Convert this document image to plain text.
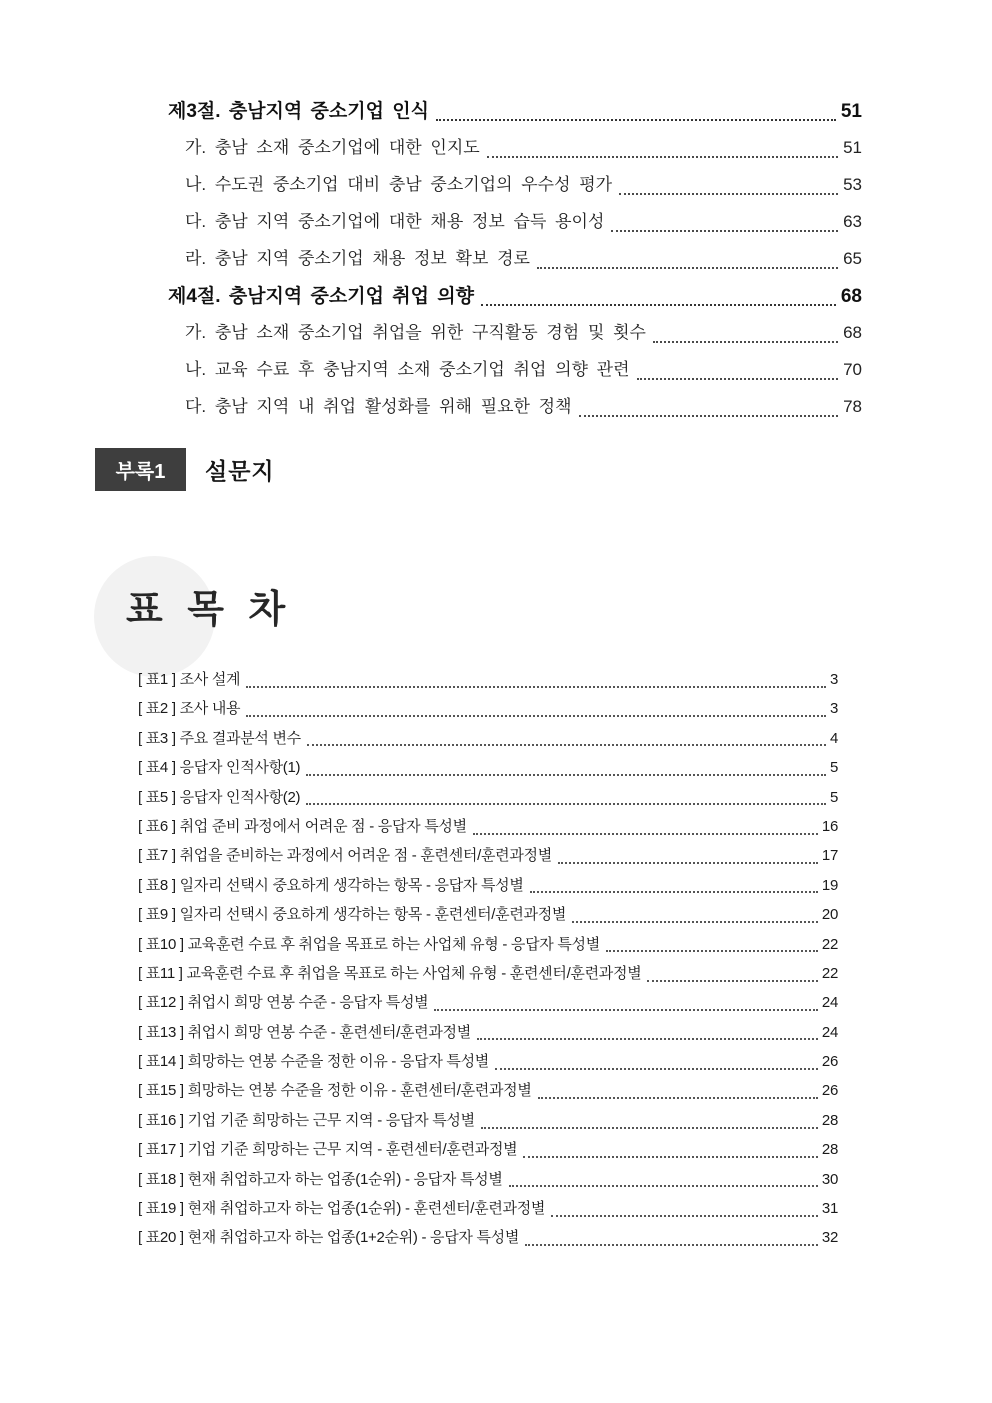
제3절. 충남지역 중소기업 인식	51
가. 충남 소재 중소기업에 대한 인지도	51
나. 수도권 중소기업 대비 충남 중소기업의 우수성 평가	53
다. 충남 지역 중소기업에 대한 채용 정보 습득 용이성	63
라. 충남 지역 중소기업 채용 정보 확보 경로	65
제4절. 충남지역 중소기업 취업 의향	68
가. 충남 소재 중소기업 취업을 위한 구직활동 경험 및 횟수	68
나. 교육 수료 후 충남지역 소재 중소기업 취업 의향 관련	70
다. 충남 지역 내 취업 활성화를 위해 필요한 정책	78
부록1	설문지
표 목 차
[ 표1 ] 조사 설계	3
[ 표2 ] 조사 내용	3
[ 표3 ] 주요 결과분석 변수	4
[ 표4 ] 응답자 인적사항(1)	5
[ 표5 ] 응답자 인적사항(2)	5
[ 표6 ] 취업 준비 과정에서 어려운 점 - 응답자 특성별	16
[ 표7 ] 취업을 준비하는 과정에서 어려운 점 - 훈련센터/훈련과정별	17
[ 표8 ] 일자리 선택시 중요하게 생각하는 항목 - 응답자 특성별	19
[ 표9 ] 일자리 선택시 중요하게 생각하는 항목 - 훈련센터/훈련과정별	20
[ 표10 ] 교육훈련 수료 후 취업을 목표로 하는 사업체 유형 - 응답자 특성별	22
[ 표11 ] 교육훈련 수료 후 취업을 목표로 하는 사업체 유형 - 훈련센터/훈련과정별	22
[ 표12 ] 취업시 희망 연봉 수준 - 응답자 특성별	24
[ 표13 ] 취업시 희망 연봉 수준 - 훈련센터/훈련과정별	24
[ 표14 ] 희망하는 연봉 수준을 정한 이유 - 응답자 특성별	26
[ 표15 ] 희망하는 연봉 수준을 정한 이유 - 훈련센터/훈련과정별	26
[ 표16 ] 기업 기준 희망하는 근무 지역 - 응답자 특성별	28
[ 표17 ] 기업 기준 희망하는 근무 지역 - 훈련센터/훈련과정별	28
[ 표18 ] 현재 취업하고자 하는 업종(1순위) - 응답자 특성별	30
[ 표19 ] 현재 취업하고자 하는 업종(1순위) - 훈련센터/훈련과정별	31
[ 표20 ] 현재 취업하고자 하는 업종(1+2순위) - 응답자 특성별	32
